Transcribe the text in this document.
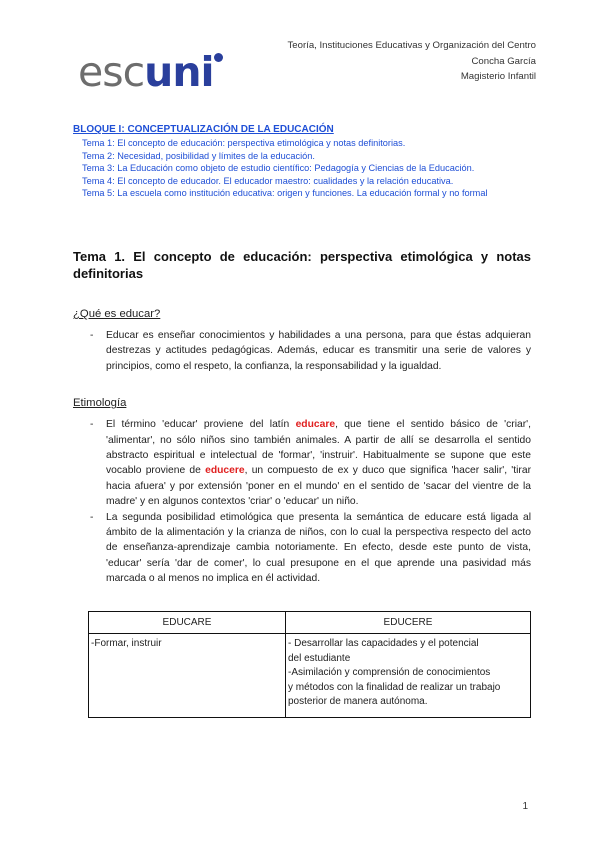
escuni
Teoría, Instituciones Educativas y Organización del Centro
Concha García
Magisterio Infantil
BLOQUE I: CONCEPTUALIZACIÓN DE LA EDUCACIÓN
Tema 1: El concepto de educación: perspectiva etimológica y notas definitorias.
Tema 2: Necesidad, posibilidad y límites de la educación.
Tema 3: La Educación como objeto de estudio científico: Pedagogía y Ciencias de la Educación.
Tema 4: El concepto de educador. El educador maestro: cualidades y la relación educativa.
Tema 5: La escuela como institución educativa: origen y funciones. La educación formal y no formal
Tema 1. El concepto de educación: perspectiva etimológica y notas definitorias
¿Qué es educar?
- Educar es enseñar conocimientos y habilidades a una persona, para que éstas adquieran destrezas y actitudes pedagógicas. Además, educar es transmitir una serie de valores y principios, como el respeto, la confianza, la responsabilidad y la igualdad.
Etimología
- El término 'educar' proviene del latín educare, que tiene el sentido básico de 'criar', 'alimentar', no sólo niños sino también animales. A partir de allí se desarrolla el sentido abstracto espiritual e intelectual de 'formar', 'instruir'. Habitualmente se supone que este vocablo proviene de educere, un compuesto de ex y duco que significa 'hacer salir', 'tirar hacia afuera' y por extensión 'poner en el mundo' en el sentido de 'sacar del vientre de la madre' y en algunos contextos 'criar' o 'educar' un niño.
- La segunda posibilidad etimológica que presenta la semántica de educare está ligada al ámbito de la alimentación y la crianza de niños, con lo cual la perspectiva respecto del acto de enseñanza-aprendizaje cambia notoriamente. En efecto, desde este punto de vista, 'educar' sería 'dar de comer', lo cual presupone en el que aprende una pasividad más marcada o al menos no implica en él actividad.
EDUCARE	EDUCERE
-Formar, instruir	- Desarrollar las capacidades y el potencial
del estudiante
-Asimilación y comprensión de conocimientos
y métodos con la finalidad de realizar un trabajo
posterior de manera autónoma.
1
